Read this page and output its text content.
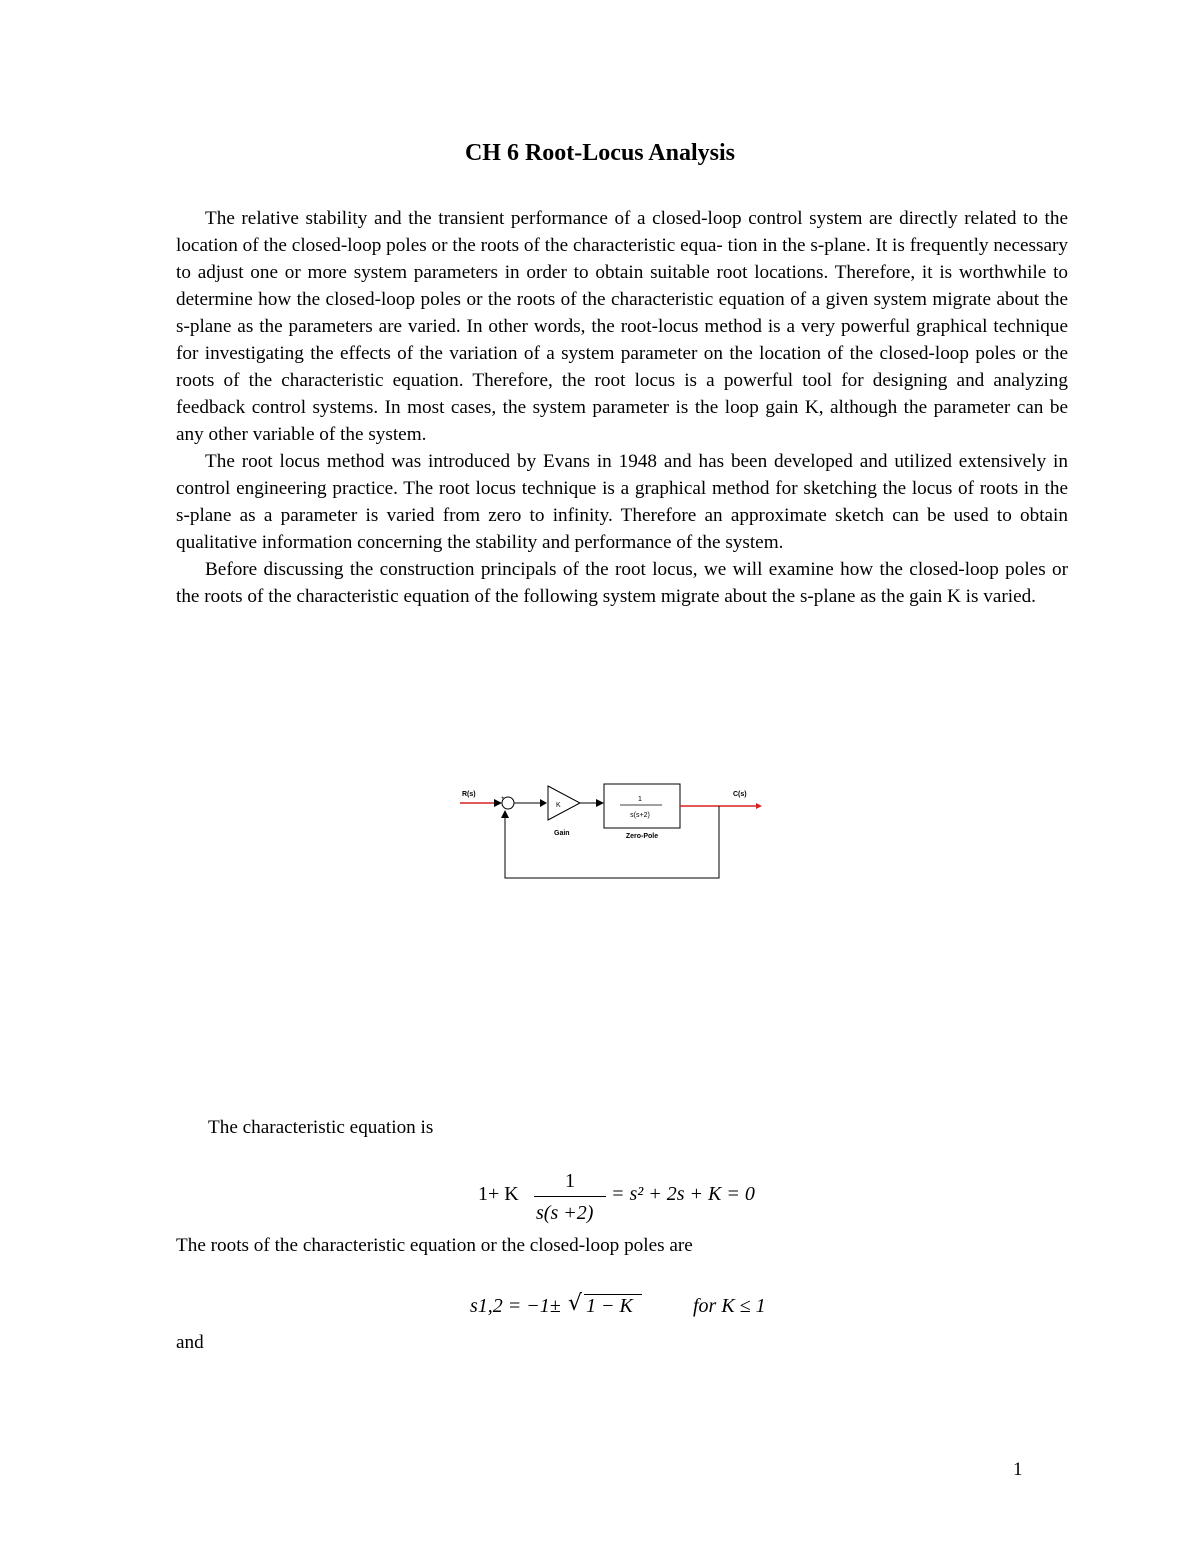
CH 6 Root-Locus Analysis

The relative stability and the transient performance of a closed-loop control system are directly related to the location of the closed-loop poles or the roots of the characteristic equa- tion in the s-plane. It is frequently necessary to adjust one or more system parameters in order to obtain suitable root locations. Therefore, it is worthwhile to determine how the closed-loop poles or the roots of the characteristic equation of a given system migrate about the s-plane as the parameters are varied. In other words, the root-locus method is a very powerful graphical technique for investigating the effects of the variation of a system parameter on the location of the closed-loop poles or the roots of the characteristic equation. Therefore, the root locus is a powerful tool for designing and analyzing feedback control systems. In most cases, the system parameter is the loop gain K, although the parameter can be any other variable of the system.

The root locus method was introduced by Evans in 1948 and has been developed and utilized extensively in control engineering practice. The root locus technique is a graphical method for sketching the locus of roots in the s-plane as a parameter is varied from zero to infinity. Therefore an approximate sketch can be used to obtain qualitative information concerning the stability and performance of the system.

Before discussing the construction principals of the root locus, we will examine how the closed-loop poles or the roots of the characteristic equation of the following system migrate about the s-plane as the gain K is varied.

R(s)
+
K
Gain
1
s(s+2)
Zero-Pole
C(s)

The characteristic equation is

1+ K
1
s(s +2)
= s² + 2s + K = 0

The roots of the characteristic equation or the closed-loop poles are

s1,2 = −1± √ 1 − K	for K ≤ 1

and

1
